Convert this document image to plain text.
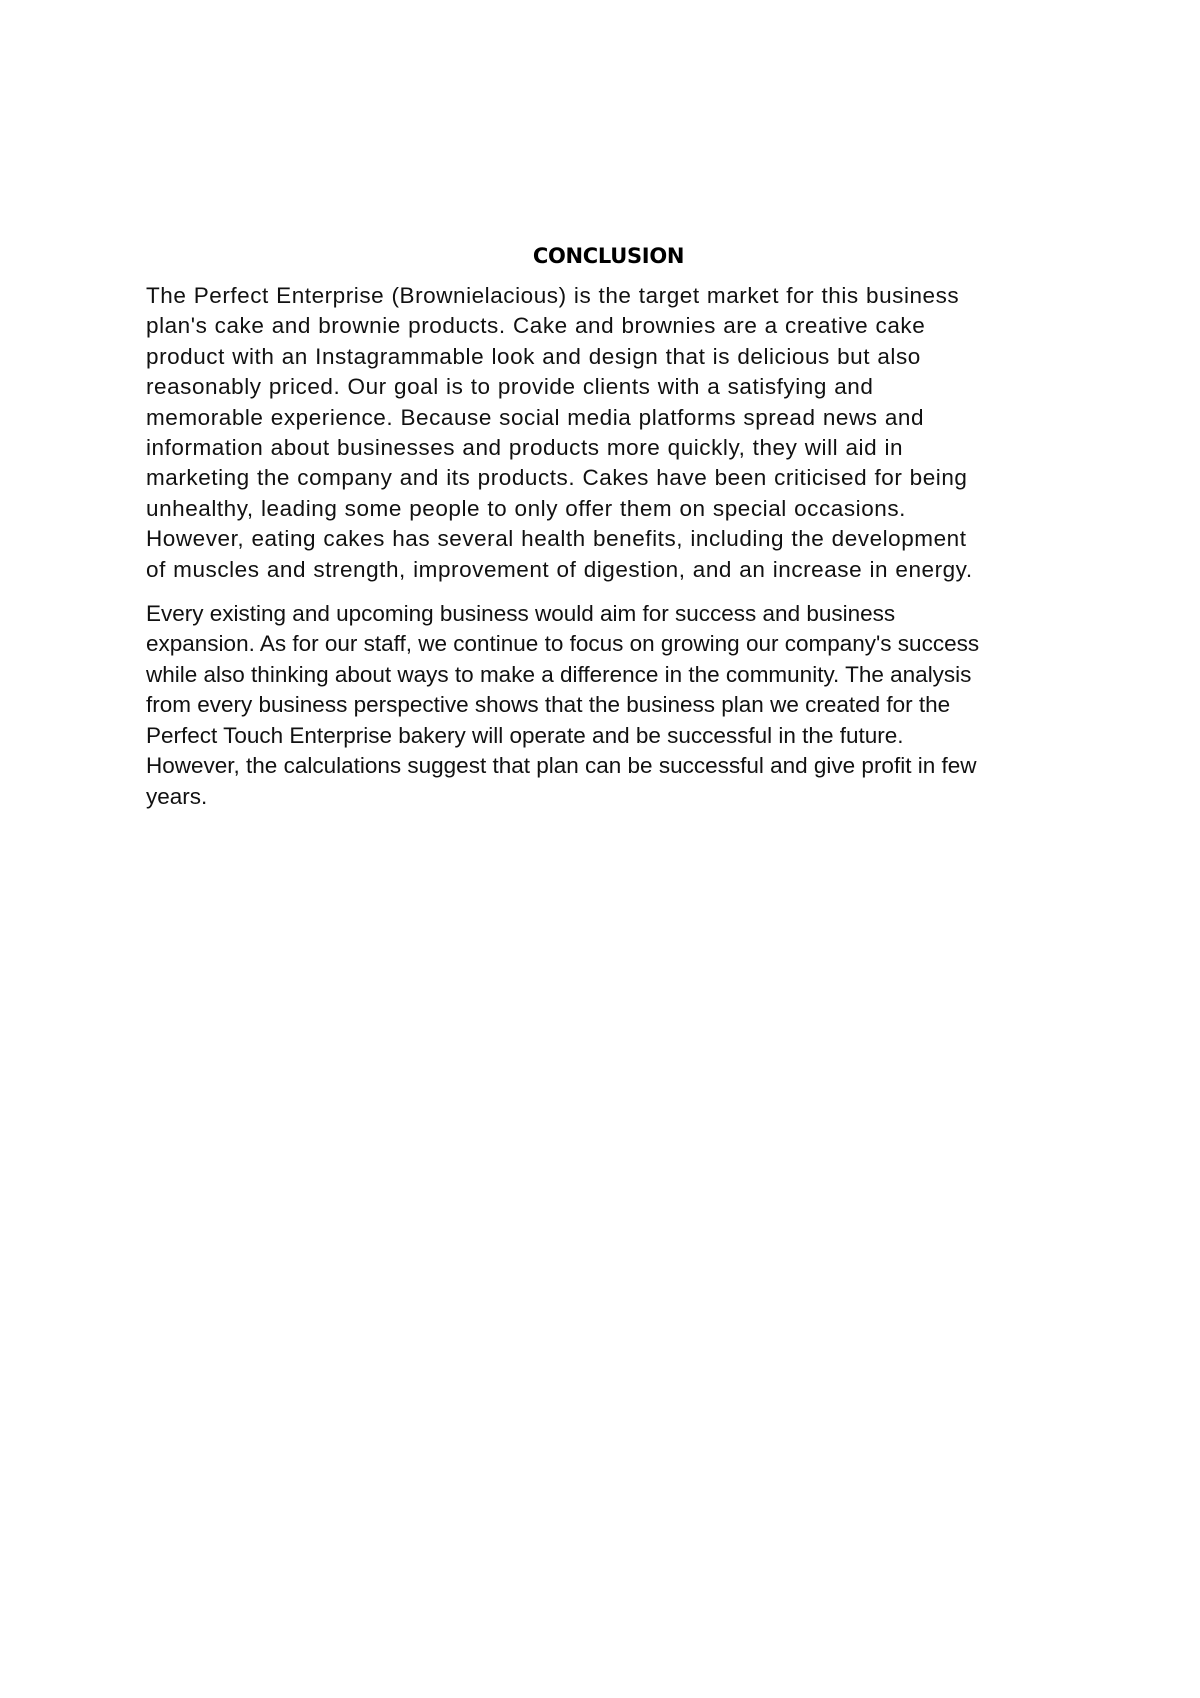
CONCLUSION

The Perfect Enterprise (Brownielacious) is the target market for this business
plan's cake and brownie products. Cake and brownies are a creative cake
product with an Instagrammable look and design that is delicious but also
reasonably priced. Our goal is to provide clients with a satisfying and
memorable experience. Because social media platforms spread news and
information about businesses and products more quickly, they will aid in
marketing the company and its products. Cakes have been criticised for being
unhealthy, leading some people to only offer them on special occasions.
However, eating cakes has several health benefits, including the development
of muscles and strength, improvement of digestion, and an increase in energy.

Every existing and upcoming business would aim for success and business
expansion. As for our staff, we continue to focus on growing our company's success
while also thinking about ways to make a difference in the community. The analysis
from every business perspective shows that the business plan we created for the
Perfect Touch Enterprise bakery will operate and be successful in the future.
However, the calculations suggest that plan can be successful and give profit in few
years.
